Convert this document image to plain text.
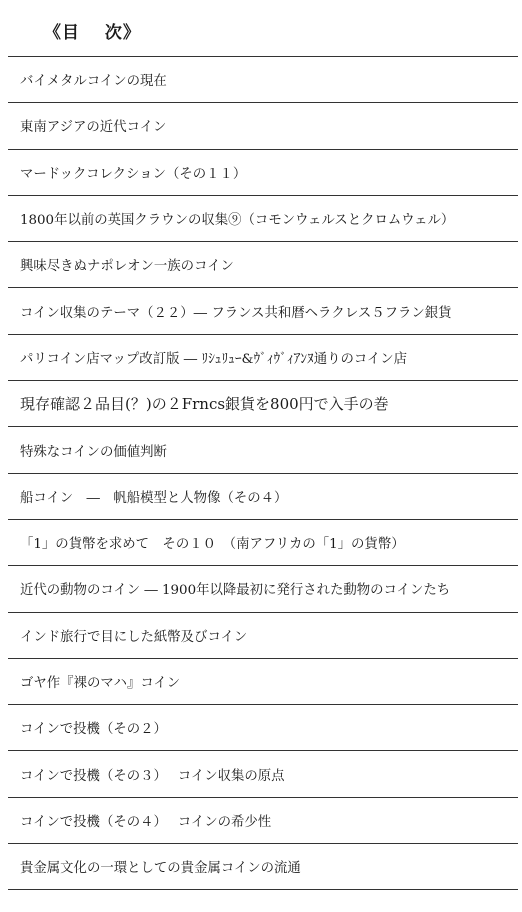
《目　 次》
バイメタルコインの現在
東南アジアの近代コイン
マードックコレクション（その１１）
1800年以前の英国クラウンの収集⑨（コモンウェルスとクロムウェル）
興味尽きぬナポレオン一族のコイン
コイン収集のテーマ（２２）― フランス共和暦ヘラクレス５フラン銀貨
パリコイン店マップ改訂版 ― ﾘｼｭﾘｭｰ&ｳﾞｨｳﾞｨｱﾝﾇ通りのコイン店
現存確認２品目(？)の２Frncs銀貨を800円で入手の巻
特殊なコインの価値判断
船コイン　―　帆船模型と人物像（その４）
「1」の貨幣を求めて　その１０　（南アフリカの「1」の貨幣）
近代の動物のコイン ― 1900年以降最初に発行された動物のコインたち
インド旅行で目にした紙幣及びコイン
ゴヤ作『裸のマハ』コイン
コインで投機（その２）
コインで投機（その３）　 コイン収集の原点
コインで投機（その４）　 コインの希少性
貴金属文化の一環としての貴金属コインの流通
